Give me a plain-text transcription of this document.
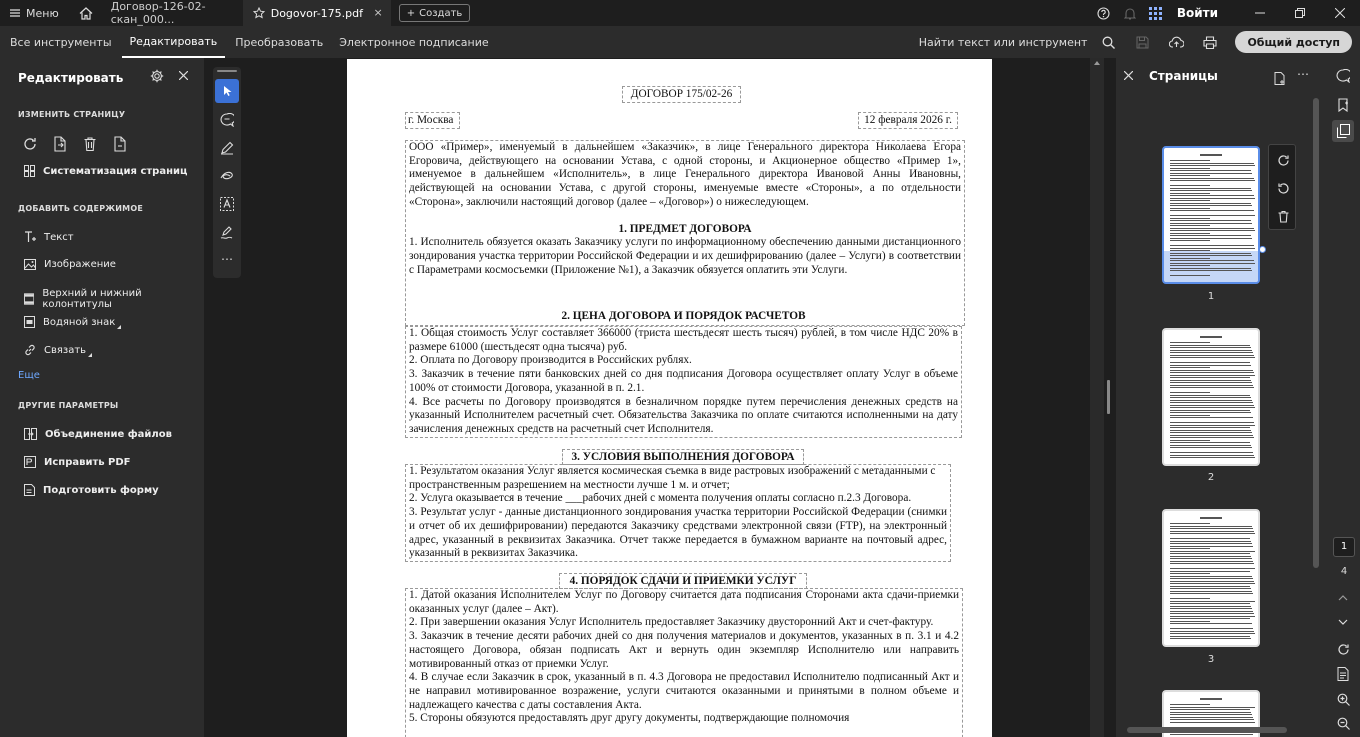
Меню	Договор-126-02-скан_000...	Dogovor-175.pdf × + Создать	Войти
Все инструменты	Редактировать	Преобразовать	Электронное подписание	Найти текст или инструмент	Общий доступ
Редактировать
ИЗМЕНИТЬ СТРАНИЦУ
Систематизация страниц
ДОБАВИТЬ СОДЕРЖИМОЕ
Текст
Изображение
Верхний и нижний колонтитулы
Водяной знак
Связать
Еще
ДРУГИЕ ПАРАМЕТРЫ
Объединение файлов
Исправить PDF
Подготовить форму
⋯
ДОГОВОР 175/02-26
г. Москва	12 февраля 2026 г.
ООО «Пример», именуемый в дальнейшем «Заказчик», в лице Генерального директора Николаева Егора Егоровича, действующего на основании Устава, с одной стороны, и Акционерное общество «Пример 1», именуемое в дальнейшем «Исполнитель», в лице Генерального директора Ивановой Анны Ивановны, действующей на основании Устава, с другой стороны, именуемые вместе «Стороны», а по отдельности «Сторона», заключили настоящий договор (далее – «Договор») о нижеследующем.
1. ПРЕДМЕТ ДОГОВОРА
1. Исполнитель обязуется оказать Заказчику услуги по информационному обеспечению данными дистанционного зондирования участка территории Российской Федерации и их дешифрированию (далее – Услуги) в соответствии с Параметрами космосъемки (Приложение №1), а Заказчик обязуется оплатить эти Услуги.
2. ЦЕНА ДОГОВОРА И ПОРЯДОК РАСЧЕТОВ
1. Общая стоимость Услуг составляет 366000 (триста шестьдесят шесть тысяч) рублей, в том числе НДС 20% в размере 61000 (шестьдесят одна тысяча) руб.
2. Оплата по Договору производится в Российских рублях.
3. Заказчик в течение пяти банковских дней со дня подписания Договора осуществляет оплату Услуг в объеме 100% от стоимости Договора, указанной в п. 2.1.
4. Все расчеты по Договору производятся в безналичном порядке путем перечисления денежных средств на указанный Исполнителем расчетный счет. Обязательства Заказчика по оплате считаются исполненными на дату зачисления денежных средств на расчетный счет Исполнителя.
3. УСЛОВИЯ ВЫПОЛНЕНИЯ ДОГОВОРА
1. Результатом оказания Услуг является космическая съемка в виде растровых изображений с метаданными с пространственным разрешением на местности лучше 1 м. и отчет;
2. Услуга оказывается в течение ___рабочих дней с момента получения оплаты согласно п.2.3 Договора.
3. Результат услуг - данные дистанционного зондирования участка территории Российской Федерации (снимки и отчет об их дешифрировании) передаются Заказчику средствами электронной связи (FTP), на электронный адрес, указанный в реквизитах Заказчика. Отчет также передается в бумажном варианте на почтовый адрес, указанный в реквизитах Заказчика.
4. ПОРЯДОК СДАЧИ И ПРИЕМКИ УСЛУГ
1. Датой оказания Исполнителем Услуг по Договору считается дата подписания Сторонами акта сдачи-приемки оказанных услуг (далее – Акт).
2. При завершении оказания Услуг Исполнитель предоставляет Заказчику двусторонний Акт и счет-фактуру.
3. Заказчик в течение десяти рабочих дней со дня получения материалов и документов, указанных в п. 3.1 и 4.2 настоящего Договора, обязан подписать Акт и вернуть один экземпляр Исполнителю или направить мотивированный отказ от приемки Услуг.
4. В случае если Заказчик в срок, указанный в п. 4.3 Договора не предоставил Исполнителю подписанный Акт и не направил мотивированное возражение, услуги считаются оказанными и принятыми в полном объеме и надлежащего качества с даты составления Акта.
5. Стороны обязуются предоставлять друг другу документы, подтверждающие полномочия
Страницы	⋯
1
2
3
1
4
